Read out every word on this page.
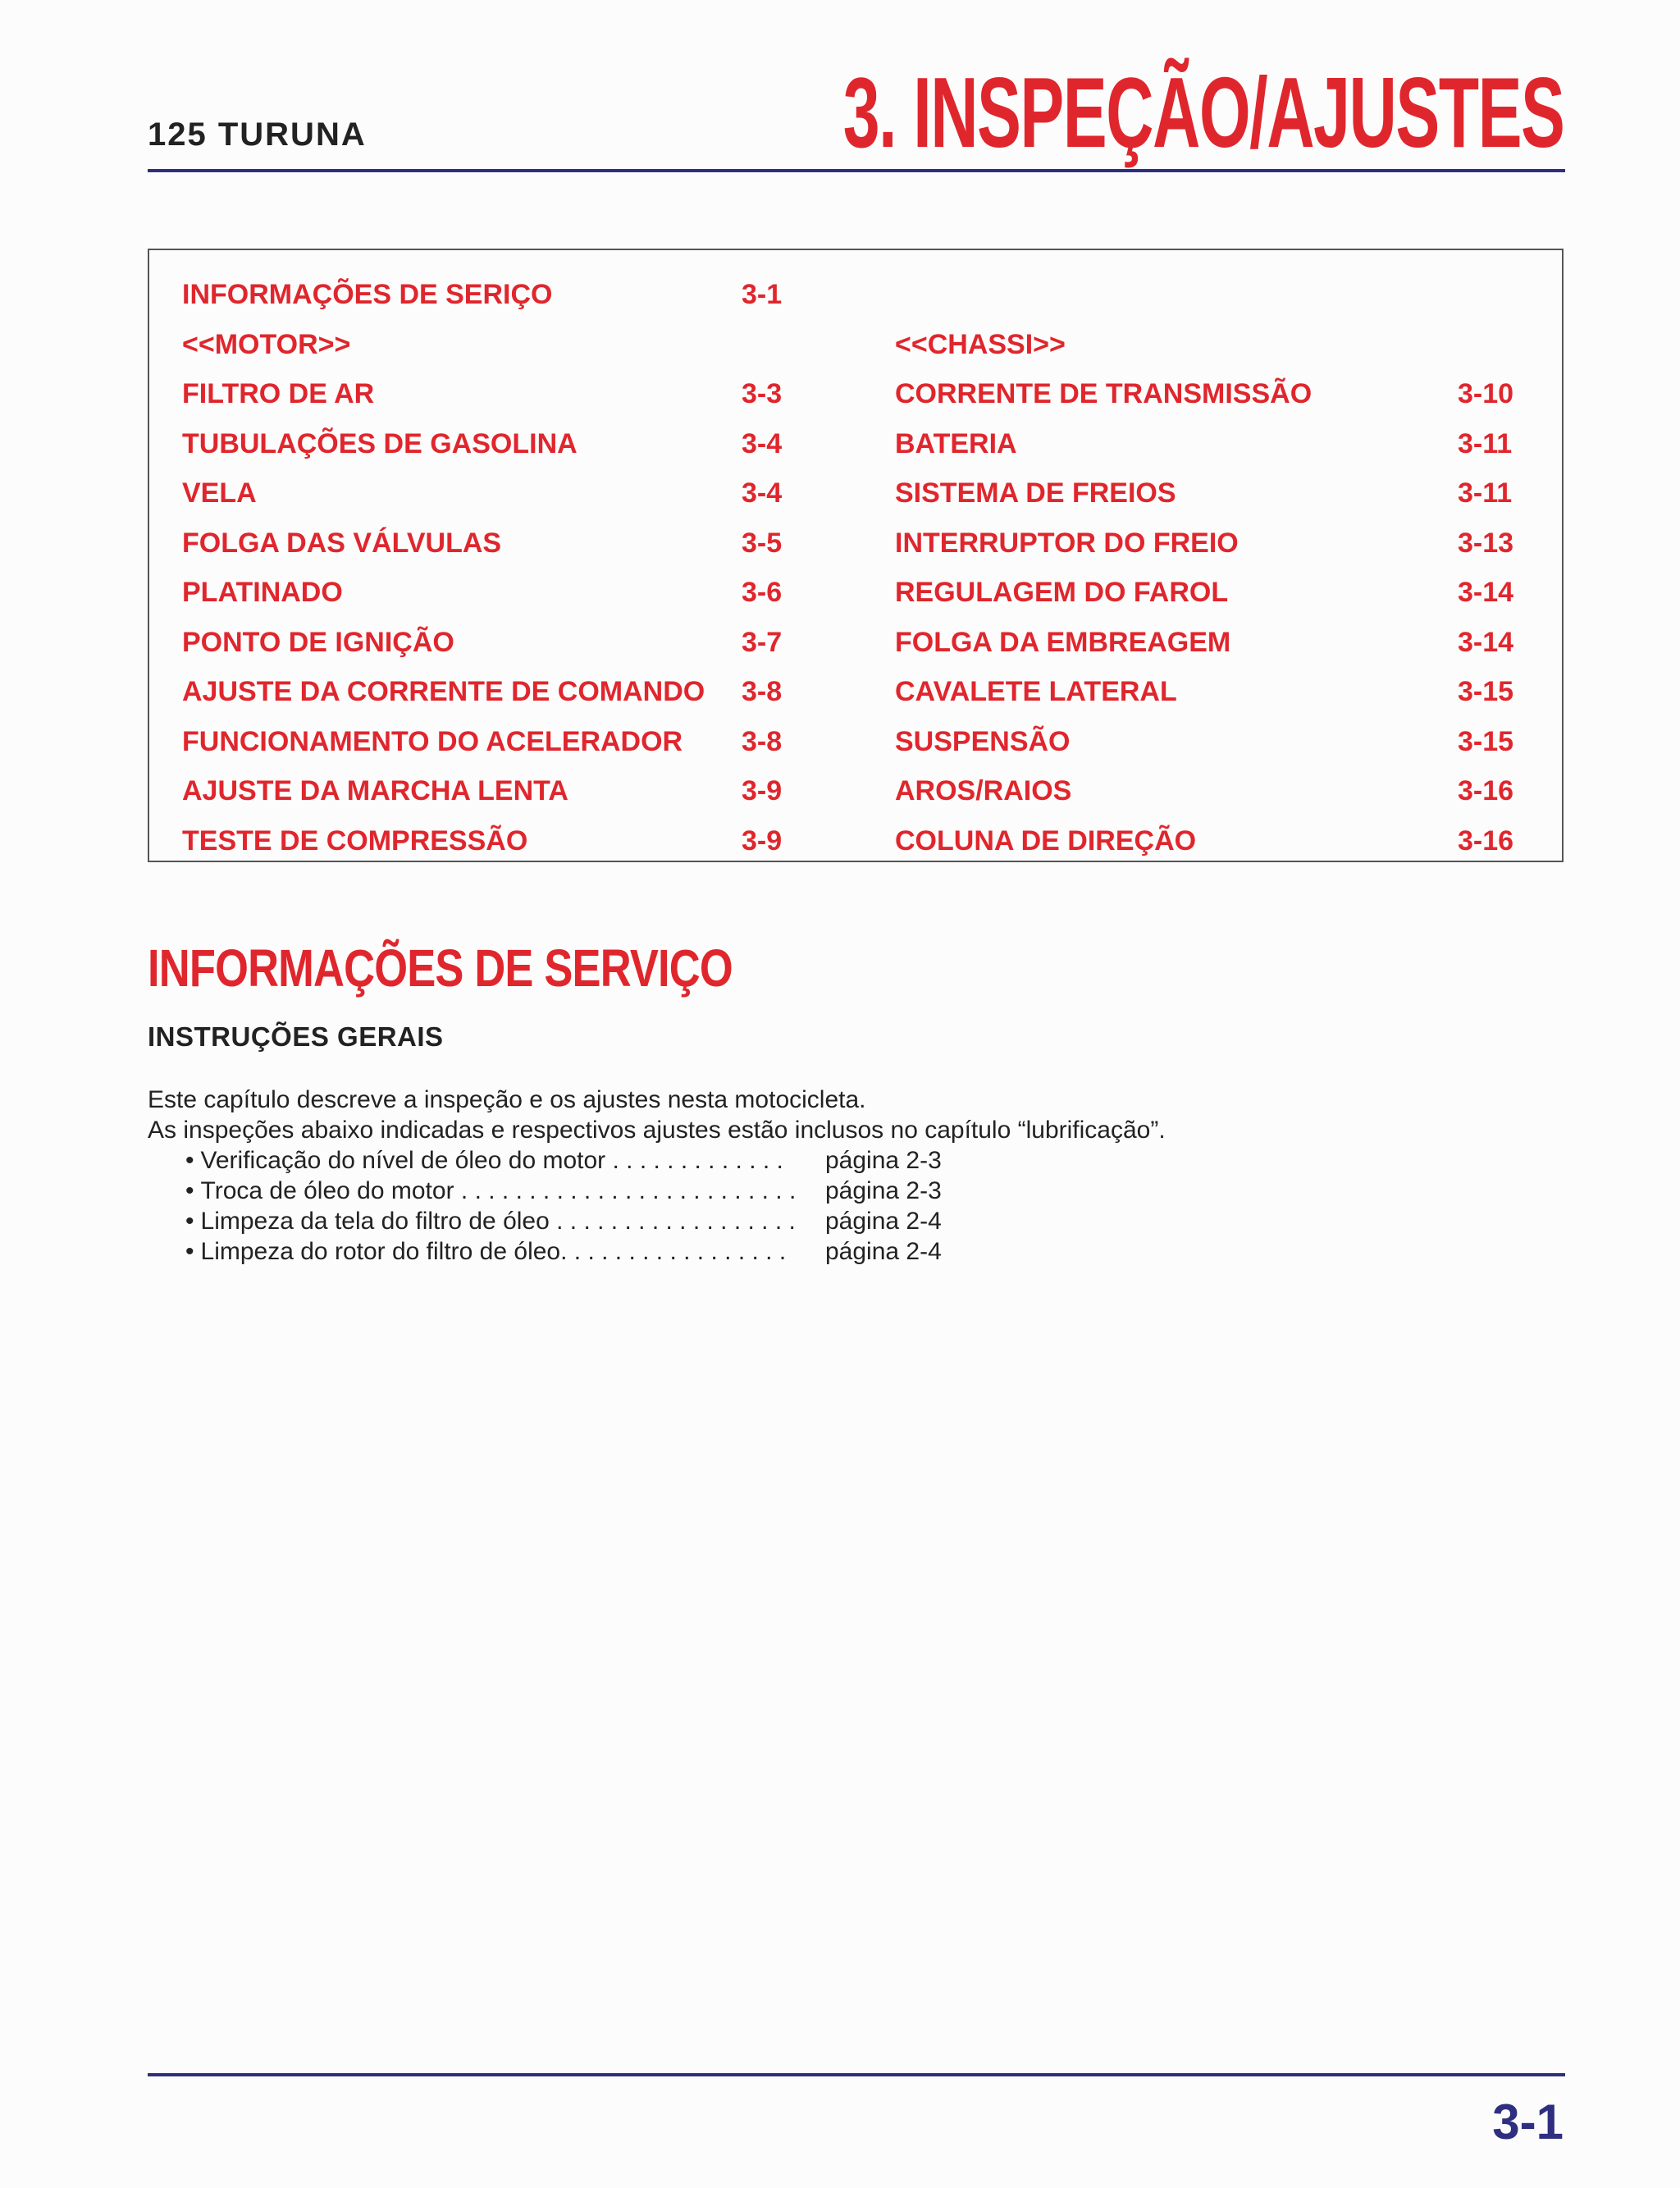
125 TURUNA	3. INSPEÇÃO/AJUSTES
INFORMAÇÕES DE SERIÇO	3-1
<<MOTOR>>
FILTRO DE AR	3-3
TUBULAÇÕES DE GASOLINA	3-4
VELA	3-4
FOLGA DAS VÁLVULAS	3-5
PLATINADO	3-6
PONTO DE IGNIÇÃO	3-7
AJUSTE DA CORRENTE DE COMANDO 3-8
FUNCIONAMENTO DO ACELERADOR 3-8
AJUSTE DA MARCHA LENTA	3-9
TESTE DE COMPRESSÃO	3-9
<<CHASSI>>
CORRENTE DE TRANSMISSÃO	3-10
BATERIA	3-11
SISTEMA DE FREIOS	3-11
INTERRUPTOR DO FREIO	3-13
REGULAGEM DO FAROL	3-14
FOLGA DA EMBREAGEM	3-14
CAVALETE LATERAL	3-15
SUSPENSÃO	3-15
AROS/RAIOS	3-16
COLUNA DE DIREÇÃO	3-16
INFORMAÇÕES DE SERVIÇO
INSTRUÇÕES GERAIS
Este capítulo descreve a inspeção e os ajustes nesta motocicleta.
As inspeções abaixo indicadas e respectivos ajustes estão inclusos no capítulo “lubrificação”.
• Verificação do nível de óleo do motor . . . . . . . . . . . . . página 2-3
• Troca de óleo do motor . . . . . . . . . . . . . . . . . . . . . . . . . página 2-3
• Limpeza da tela do filtro de óleo . . . . . . . . . . . . . . . . . . página 2-4
• Limpeza do rotor do filtro de óleo. . . . . . . . . . . . . . . . . página 2-4
3-1
